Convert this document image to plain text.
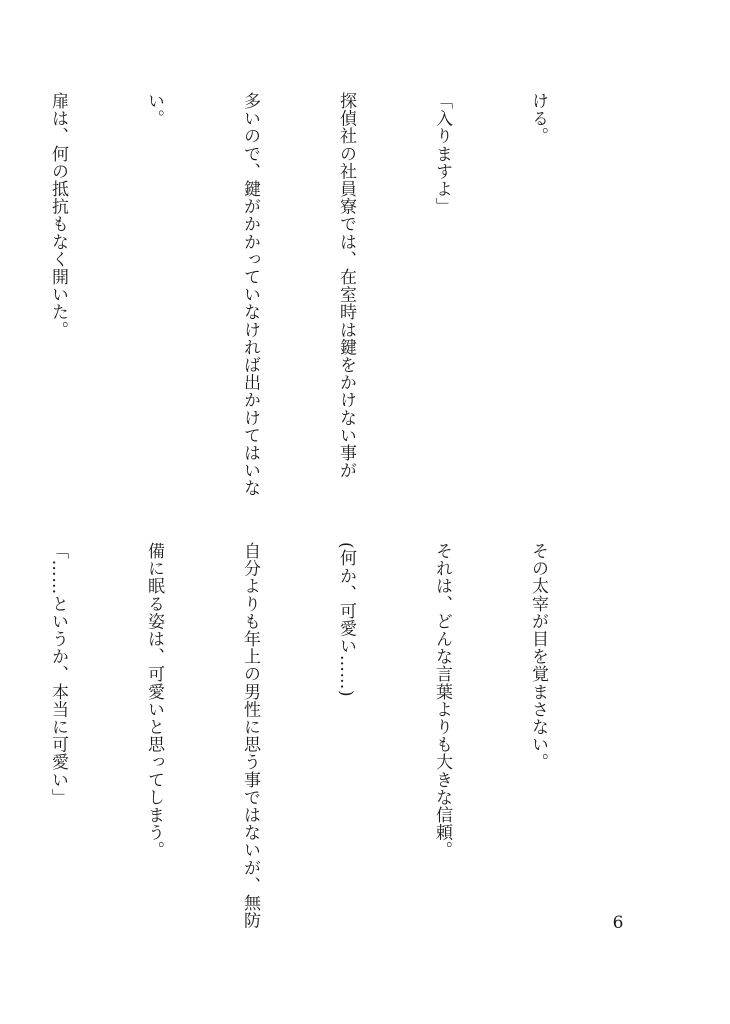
ける。

「入りますよ」

探偵社の社員寮では、在室時は鍵をかけない事が

多いので、鍵がかかっていなければ出かけてはいな

い。

扉は、何の抵抗もなく開いた。

その太宰が目を覚まさない。

それは、どんな言葉よりも大きな信頼。

(何か、可愛い……)

自分よりも年上の男性に思う事ではないが、無防

備に眠る姿は、可愛いと思ってしまう。

「……というか、本当に可愛い」

6
